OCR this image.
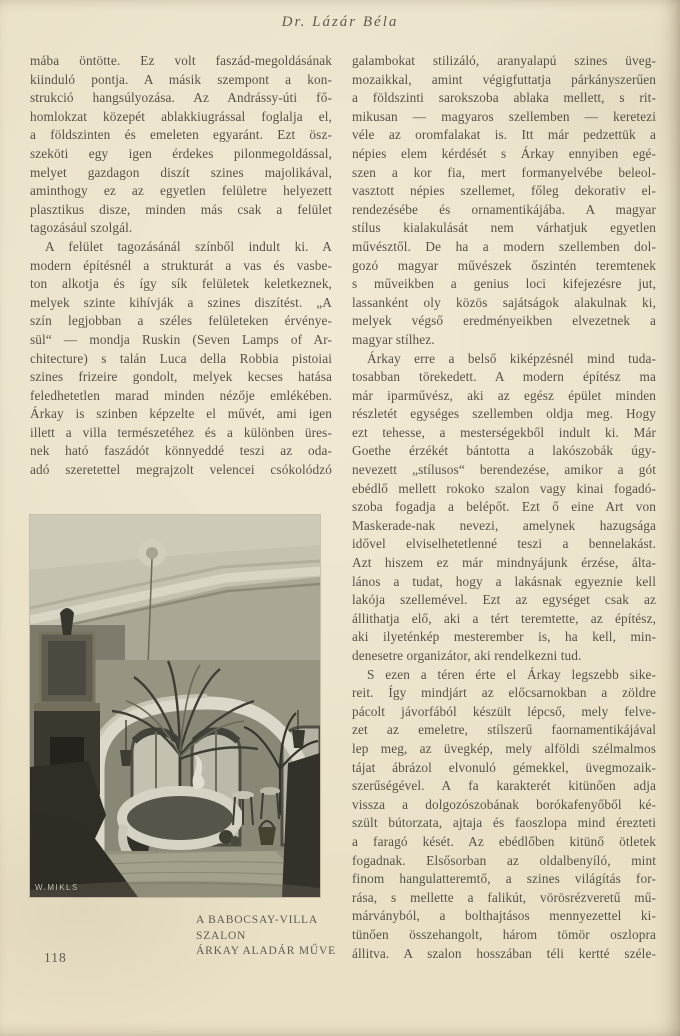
Dr. Lázár Béla
mába öntötte. Ez volt faszád-megoldásának
kiinduló pontja. A másik szempont a kon-
strukció hangsúlyozása. Az Andrássy-úti fő-
homlokzat közepét ablakkiugrással foglalja el,
a földszinten és emeleten egyaránt. Ezt ösz-
szeköti egy igen érdekes pilonmegoldással,
melyet gazdagon diszít szines majolikával,
aminthogy ez az egyetlen felületre helyezett
plasztikus disze, minden más csak a felület
tagozásául szolgál.
A felület tagozásánál színből indult ki. A
modern építésnél a strukturát a vas és vasbe-
ton alkotja és így sík felületek keletkeznek,
melyek szinte kihívják a szines diszítést. „A
szín legjobban a széles felületeken érvénye-
sül“ — mondja Ruskin (Seven Lamps of Ar-
chitecture) s talán Luca della Robbia pistoiai
szines frizeire gondolt, melyek kecses hatása
feledhetetlen marad minden nézője emlékében.
Árkay is szinben képzelte el művét, ami igen
illett a villa természetéhez és a különben üres-
nek ható faszádót könnyeddé teszi az oda-
adó szeretettel megrajzolt velencei csókolódzó
galambokat stilizáló, aranyalapú szines üveg-
mozaikkal, amint végigfuttatja párkányszerűen
a földszinti sarokszoba ablaka mellett, s rit-
mikusan — magyaros szellemben — keretezi
véle az oromfalakat is. Itt már pedzettük a
népies elem kérdését s Árkay ennyiben egé-
szen a kor fia, mert formanyelvébe beleol-
vasztott népies szellemet, főleg dekorativ el-
rendezésébe és ornamentikájába. A magyar
stílus kialakulását nem várhatjuk egyetlen
művésztől. De ha a modern szellemben dol-
gozó magyar művészek őszintén teremtenek
s műveikben a genius loci kifejezésre jut,
lassanként oly közös sajátságok alakulnak ki,
melyek végső eredményeikben elvezetnek a
magyar stílhez.
Árkay erre a belső kiképzésnél mind tuda-
tosabban törekedett. A modern építész ma
már iparművész, aki az egész épület minden
részletét egységes szellemben oldja meg. Hogy
ezt tehesse, a mesterségekből indult ki. Már
Goethe érzékét bántotta a lakószobák úgy-
nevezett „stílusos“ berendezése, amikor a gót
ebédlő mellett rokoko szalon vagy kinai fogadó-
szoba fogadja a belépőt. Ezt ő eine Art von
Maskerade-nak nevezi, amelynek hazugsága
idővel elviselhetetlenné teszi a bennelakást.
Azt hiszem ez már mindnyájunk érzése, álta-
lános a tudat, hogy a lakásnak egyeznie kell
lakója szellemével. Ezt az egységet csak az
állithatja elő, aki a tért teremtette, az építész,
aki ilyeténkép mesterember is, ha kell, min-
denesetre organizátor, aki rendelkezni tud.
S ezen a téren érte el Árkay legszebb sike-
reit. Így mindjárt az előcsarnokban a zöldre
pácolt jávorfából készült lépcső, mely felve-
zet az emeletre, stílszerű faornamentikájával
lep meg, az üvegkép, mely alföldi szélmalmos
tájat ábrázol elvonuló gémekkel, üvegmozaik-
szerűségével. A fa karakterét kitünően adja
vissza a dolgozószobának borókafenyőből ké-
szült bútorzata, ajtaja és faoszlopa mind érezteti
a faragó kését. Az ebédlőben kitünő ötletek
fogadnak. Elsősorban az oldalbenyíló, mint
finom hangulatteremtő, a szines világítás for-
rása, s mellette a falikút, vörösrézveretű mű-
márványból, a bolthajtásos mennyezettel ki-
tünően összehangolt, három tömör oszlopra
állitva. A szalon hosszában téli kertté széle-
W.MIKLS
A BABOCSAY-VILLA
SZALON
ÁRKAY ALADÁR MŰVE
118
